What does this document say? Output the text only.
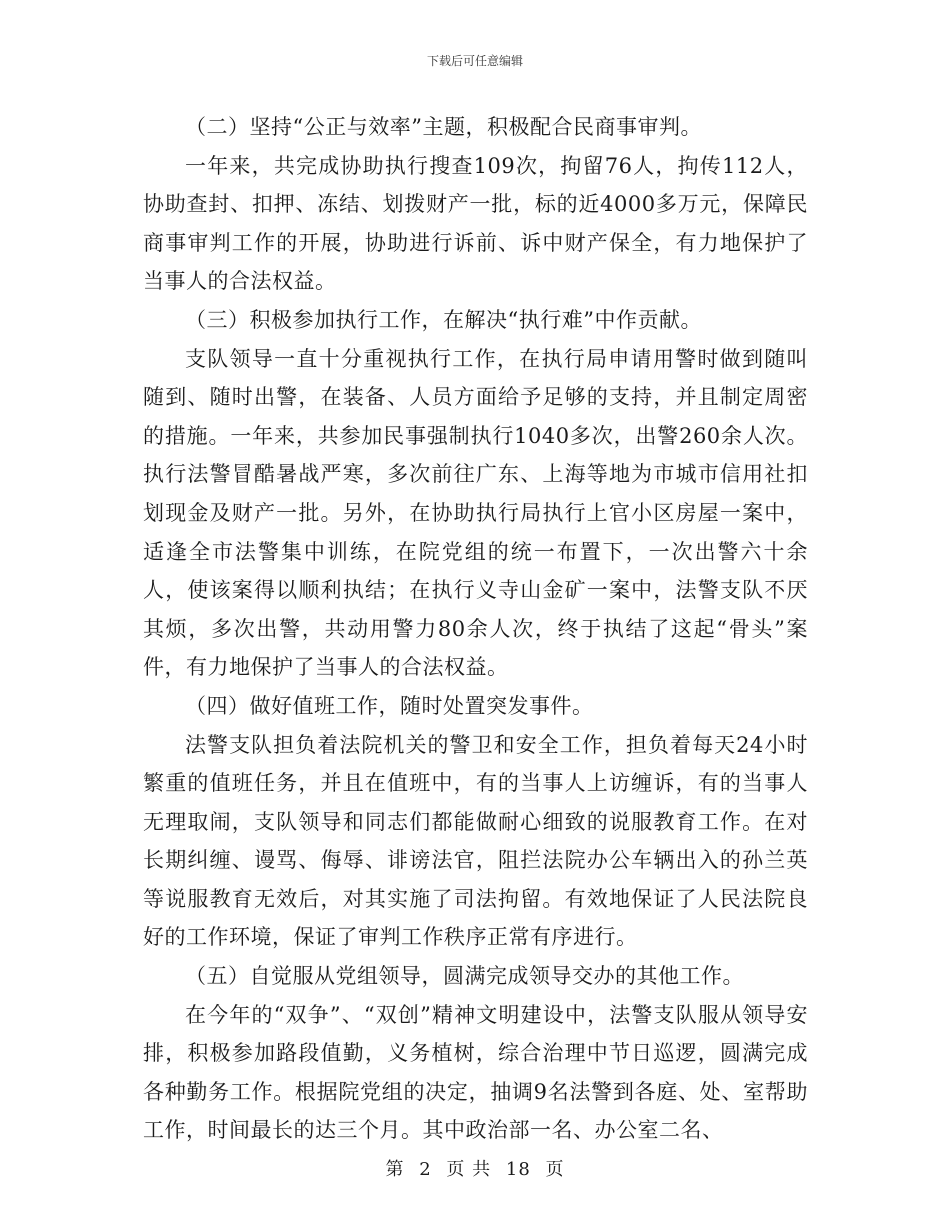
下载后可任意编辑

（二）坚持“公正与效率”主题，积极配合民商事审判。

一年来，共完成协助执行搜查109次，拘留76人，拘传112人，协助查封、扣押、冻结、划拨财产一批，标的近4000多万元，保障民商事审判工作的开展，协助进行诉前、诉中财产保全，有力地保护了当事人的合法权益。

（三）积极参加执行工作，在解决“执行难”中作贡献。

支队领导一直十分重视执行工作，在执行局申请用警时做到随叫随到、随时出警，在装备、人员方面给予足够的支持，并且制定周密的措施。一年来，共参加民事强制执行1040多次，出警260余人次。执行法警冒酷暑战严寒，多次前往广东、上海等地为市城市信用社扣划现金及财产一批。另外，在协助执行局执行上官小区房屋一案中，适逢全市法警集中训练，在院党组的统一布置下，一次出警六十余人，使该案得以顺利执结；在执行义寺山金矿一案中，法警支队不厌其烦，多次出警，共动用警力80余人次，终于执结了这起“骨头”案件，有力地保护了当事人的合法权益。

（四）做好值班工作，随时处置突发事件。

法警支队担负着法院机关的警卫和安全工作，担负着每天24小时繁重的值班任务，并且在值班中，有的当事人上访缠诉，有的当事人无理取闹，支队领导和同志们都能做耐心细致的说服教育工作。在对长期纠缠、谩骂、侮辱、诽谤法官，阻拦法院办公车辆出入的孙兰英等说服教育无效后，对其实施了司法拘留。有效地保证了人民法院良好的工作环境，保证了审判工作秩序正常有序进行。

（五）自觉服从党组领导，圆满完成领导交办的其他工作。

在今年的“双争”、“双创”精神文明建设中，法警支队服从领导安排，积极参加路段值勤，义务植树，综合治理中节日巡逻，圆满完成各种勤务工作。根据院党组的决定，抽调9名法警到各庭、处、室帮助工作，时间最长的达三个月。其中政治部一名、办公室二名、

第 2 页 共 18 页
